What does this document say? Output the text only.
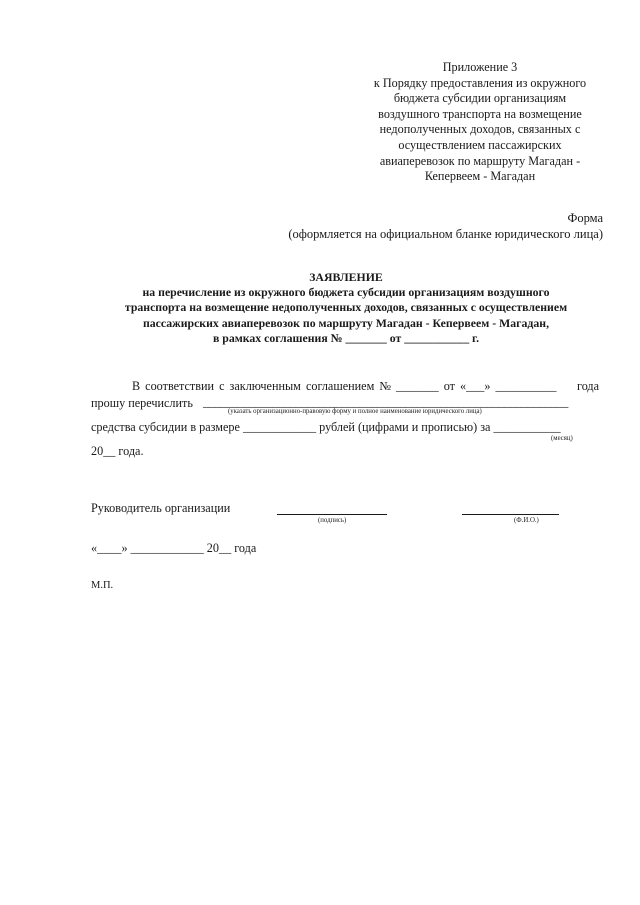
Приложение 3
к Порядку предоставления из окружного
бюджета субсидии организациям
воздушного транспорта на возмещение
недополученных доходов, связанных с
осуществлением пассажирских
авиаперевозок по маршруту Магадан -
Кепервеем - Магадан
Форма
(оформляется на официальном бланке юридического лица)
ЗАЯВЛЕНИЕ
на перечисление из окружного бюджета субсидии организациям воздушного
транспорта на возмещение недополученных доходов, связанных с осуществлением
пассажирских авиаперевозок по маршруту Магадан - Кепервеем - Магадан,
в рамках соглашения № _______ от ___________ г.
В соответствии с заключенным соглашением № _______ от «___» __________ года
прошу перечислить _______________________________________________________________
(указать организационно-правовую форму и полное наименование юридического лица)
средства субсидии в размере ____________ рублей (цифрами и прописью) за ___________
(месяц)
20__ года.
Руководитель организации
(подпись)	(Ф.И.О.)
«____» ____________ 20__ года
М.П.
